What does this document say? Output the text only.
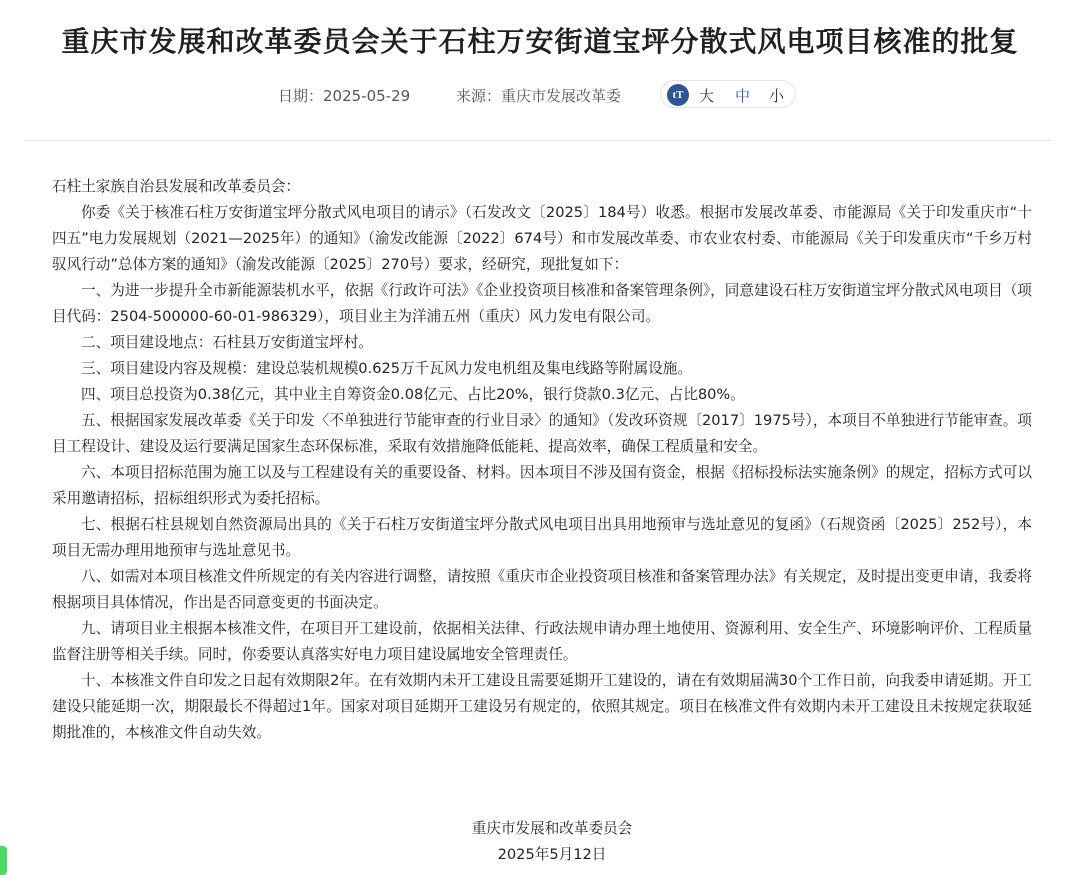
重庆市发展和改革委员会关于石柱万安街道宝坪分散式风电项目核准的批复
日期：2025-05-29	来源：重庆市发展改革委	tT	大 中 小

石柱土家族自治县发展和改革委员会：

你委《关于核准石柱万安街道宝坪分散式风电项目的请示》（石发改文〔2025〕184号）收悉。根据市发展改革委、市能源局《关于印发重庆市“十四五”电力发展规划（2021—2025年）的通知》（渝发改能源〔2022〕674号）和市发展改革委、市农业农村委、市能源局《关于印发重庆市“千乡万村驭风行动”总体方案的通知》（渝发改能源〔2025〕270号）要求，经研究，现批复如下：

一、为进一步提升全市新能源装机水平，依据《行政许可法》《企业投资项目核准和备案管理条例》，同意建设石柱万安街道宝坪分散式风电项目（项目代码：2504-500000-60-01-986329），项目业主为洋浦五州（重庆）风力发电有限公司。

二、项目建设地点：石柱县万安街道宝坪村。

三、项目建设内容及规模：建设总装机规模0.625万千瓦风力发电机组及集电线路等附属设施。

四、项目总投资为0.38亿元，其中业主自筹资金0.08亿元、占比20%，银行贷款0.3亿元、占比80%。

五、根据国家发展改革委《关于印发〈不单独进行节能审查的行业目录〉的通知》（发改环资规〔2017〕1975号），本项目不单独进行节能审查。项目工程设计、建设及运行要满足国家生态环保标准，采取有效措施降低能耗、提高效率，确保工程质量和安全。

六、本项目招标范围为施工以及与工程建设有关的重要设备、材料。因本项目不涉及国有资金，根据《招标投标法实施条例》的规定，招标方式可以采用邀请招标，招标组织形式为委托招标。

七、根据石柱县规划自然资源局出具的《关于石柱万安街道宝坪分散式风电项目出具用地预审与选址意见的复函》（石规资函〔2025〕252号），本项目无需办理用地预审与选址意见书。

八、如需对本项目核准文件所规定的有关内容进行调整，请按照《重庆市企业投资项目核准和备案管理办法》有关规定，及时提出变更申请，我委将根据项目具体情况，作出是否同意变更的书面决定。

九、请项目业主根据本核准文件，在项目开工建设前，依据相关法律、行政法规申请办理土地使用、资源利用、安全生产、环境影响评价、工程质量监督注册等相关手续。同时，你委要认真落实好电力项目建设属地安全管理责任。

十、本核准文件自印发之日起有效期限2年。在有效期内未开工建设且需要延期开工建设的，请在有效期届满30个工作日前，向我委申请延期。开工建设只能延期一次，期限最长不得超过1年。国家对项目延期开工建设另有规定的，依照其规定。项目在核准文件有效期内未开工建设且未按规定获取延期批准的，本核准文件自动失效。

重庆市发展和改革委员会
2025年5月12日
